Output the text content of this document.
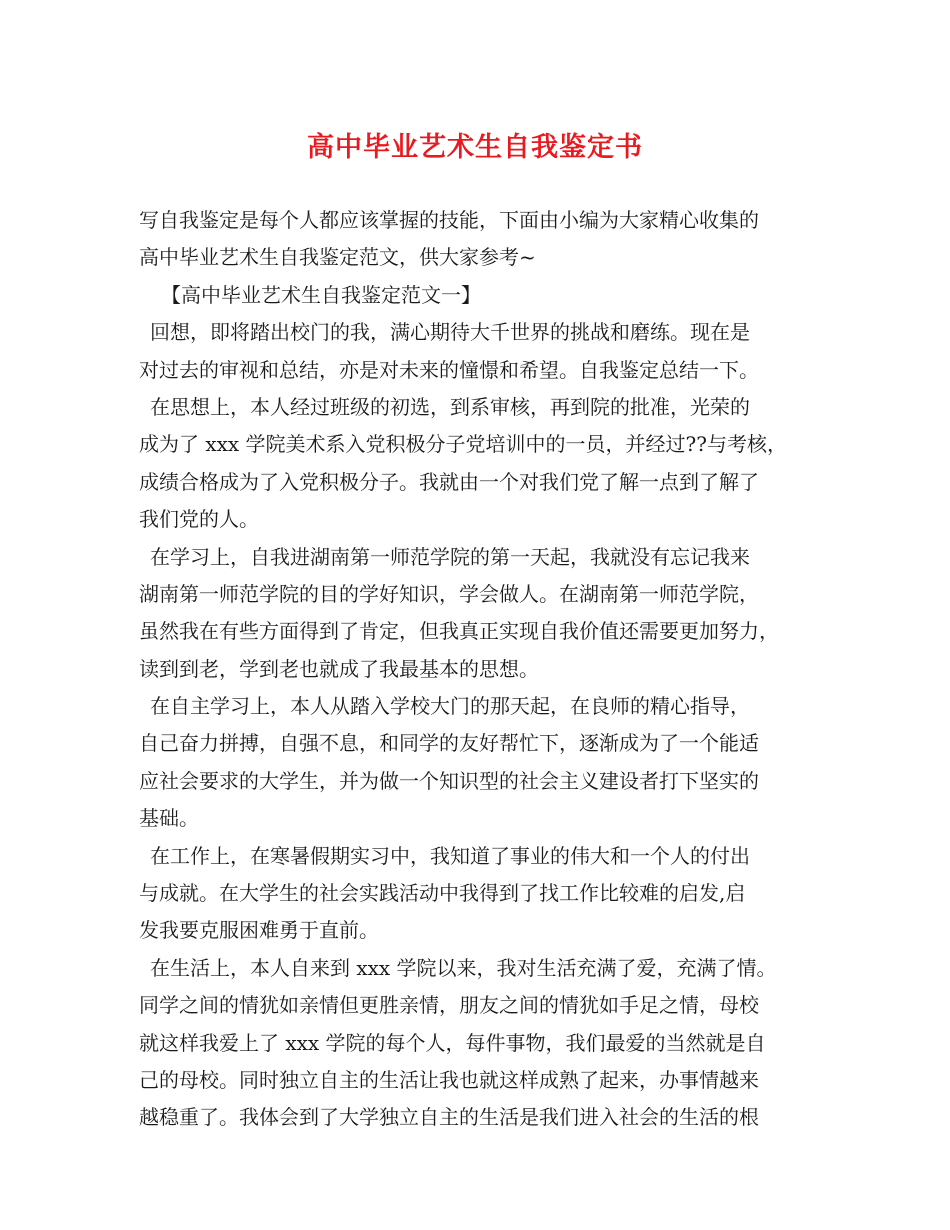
高中毕业艺术生自我鉴定书
写自我鉴定是每个人都应该掌握的技能，下面由小编为大家精心收集的
高中毕业艺术生自我鉴定范文，供大家参考~
【高中毕业艺术生自我鉴定范文一】
回想，即将踏出校门的我，满心期待大千世界的挑战和磨练。现在是
对过去的审视和总结，亦是对未来的憧憬和希望。自我鉴定总结一下。
在思想上，本人经过班级的初选，到系审核，再到院的批准，光荣的
成为了 xxx 学院美术系入党积极分子党培训中的一员，并经过??与考核，
成绩合格成为了入党积极分子。我就由一个对我们党了解一点到了解了
我们党的人。
在学习上，自我进湖南第一师范学院的第一天起，我就没有忘记我来
湖南第一师范学院的目的学好知识，学会做人。在湖南第一师范学院，
虽然我在有些方面得到了肯定，但我真正实现自我价值还需要更加努力，
读到到老，学到老也就成了我最基本的思想。
在自主学习上，本人从踏入学校大门的那天起，在良师的精心指导，
自己奋力拼搏，自强不息，和同学的友好帮忙下，逐渐成为了一个能适
应社会要求的大学生，并为做一个知识型的社会主义建设者打下坚实的
基础。
在工作上，在寒暑假期实习中，我知道了事业的伟大和一个人的付出
与成就。在大学生的社会实践活动中我得到了找工作比较难的启发,启
发我要克服困难勇于直前。
在生活上，本人自来到 xxx 学院以来，我对生活充满了爱，充满了情。
同学之间的情犹如亲情但更胜亲情，朋友之间的情犹如手足之情，母校
就这样我爱上了 xxx 学院的每个人，每件事物，我们最爱的当然就是自
己的母校。同时独立自主的生活让我也就这样成熟了起来，办事情越来
越稳重了。我体会到了大学独立自主的生活是我们进入社会的生活的根
